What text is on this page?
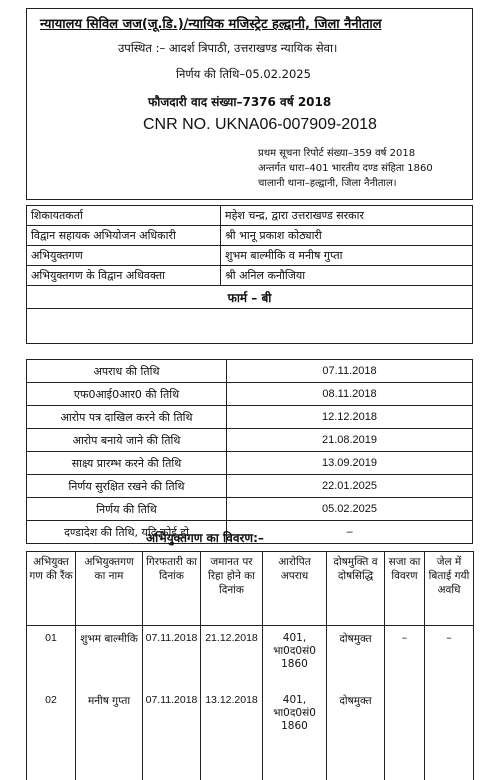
न्यायालय सिविल जज(जू.डि.)/न्यायिक मजिस्ट्रेट हल्द्वानी, जिला नैनीताल
उपस्थित :– आदर्श त्रिपाठी, उत्तराखण्ड न्यायिक सेवा।
निर्णय की तिथि–05.02.2025
फौजदारी वाद संख्या–7376 वर्ष 2018
CNR NO. UKNA06-007909-2018
प्रथम सूचना रिपोर्ट संख्या–359 वर्ष 2018
अन्तर्गत धारा–401 भारतीय दण्ड संहिता 1860
चालानी थाना–हल्द्वानी, जिला नैनीताल।
शिकायतकर्ता	महेश चन्द्र, द्वारा उत्तराखण्ड सरकार
विद्वान सहायक अभियोजन अधिकारी	श्री भानू प्रकाश कोठ्यारी
अभियुक्तगण	शुभम बाल्मीकि व मनीष गुप्ता
अभियुक्तगण के विद्वान अधिवक्ता	श्री अनिल कनौजिया
फार्म – बी	

अपराध की तिथि	07.11.2018
एफ0आई0आर0 की तिथि	08.11.2018
आरोप पत्र दाखिल करने की तिथि	12.12.2018
आरोप बनाये जाने की तिथि	21.08.2019
साक्ष्य प्रारम्भ करने की तिथि	13.09.2019
निर्णय सुरक्षित रखने की तिथि	22.01.2025
निर्णय की तिथि	05.02.2025
दण्डादेश की तिथि, यदि कोई हो	–
अभियुक्तगण का विवरण:–
अभियुक्त गण की रैंक	अभियुक्तगण का नाम	गिरफतारी का दिनांक	जमानत पर रिहा होने का दिनांक	आरोपित अपराध	दोषमुक्ति व दोषसिद्धि	सजा का विवरण	जेल में बिताई गयी अवधि
01	शुभम बाल्मीकि	07.11.2018	21.12.2018	401, भा0द0सं0 1860	दोषमुक्त	–	–
02	मनीष गुप्ता	07.11.2018	13.12.2018	401, भा0द0सं0 1860	दोषमुक्त		
